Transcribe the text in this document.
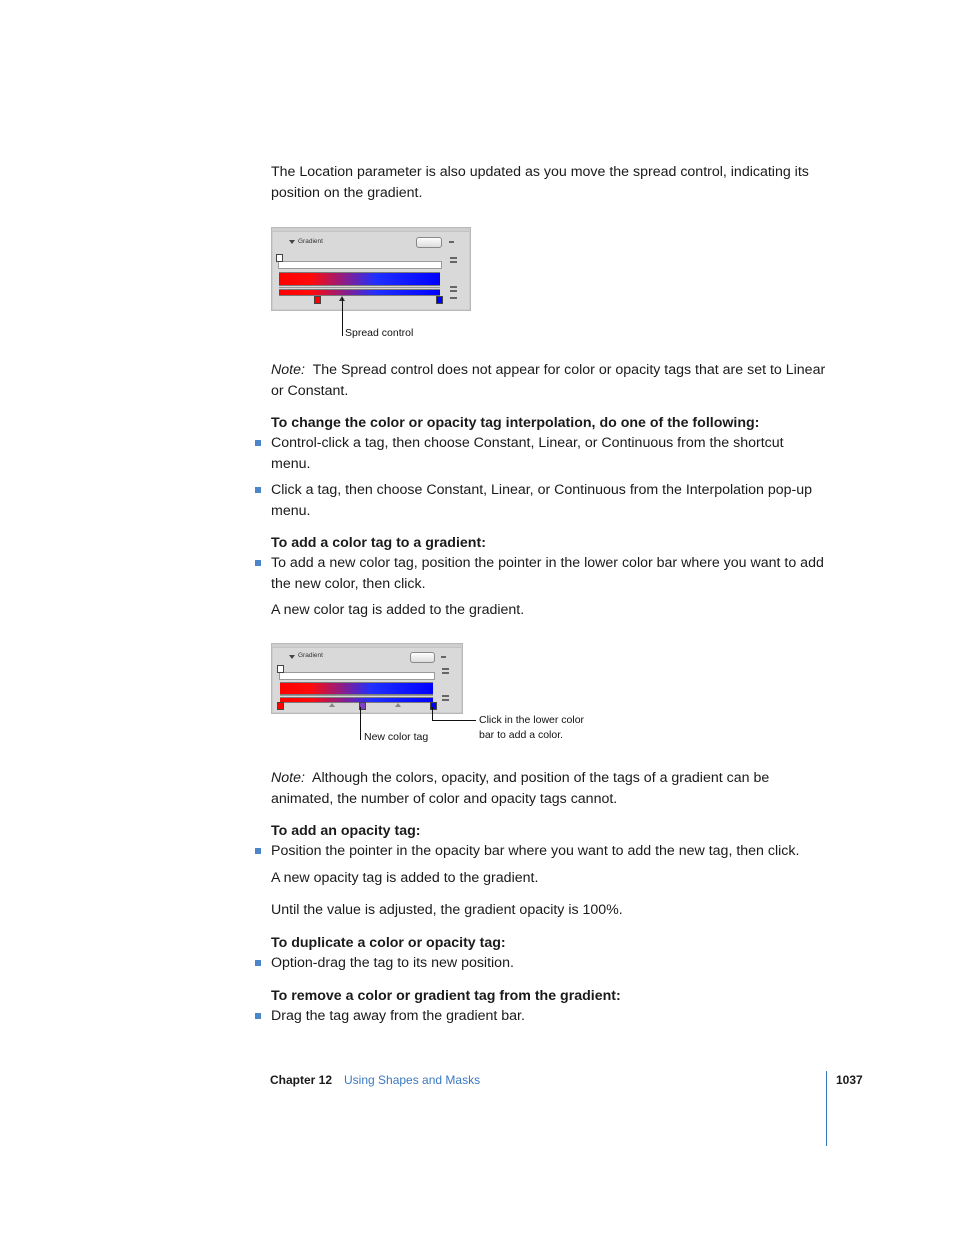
The Location parameter is also updated as you move the spread control, indicating its position on the gradient.
Gradient
Spread control
Note: The Spread control does not appear for color or opacity tags that are set to Linear or Constant.
To change the color or opacity tag interpolation, do one of the following:
Control-click a tag, then choose Constant, Linear, or Continuous from the shortcut menu.
Click a tag, then choose Constant, Linear, or Continuous from the Interpolation pop-up menu.
To add a color tag to a gradient:
To add a new color tag, position the pointer in the lower color bar where you want to add the new color, then click.
A new color tag is added to the gradient.
Gradient
New color tag
Click in the lower color
bar to add a color.
Note: Although the colors, opacity, and position of the tags of a gradient can be animated, the number of color and opacity tags cannot.
To add an opacity tag:
Position the pointer in the opacity bar where you want to add the new tag, then click.
A new opacity tag is added to the gradient.
Until the value is adjusted, the gradient opacity is 100%.
To duplicate a color or opacity tag:
Option-drag the tag to its new position.
To remove a color or gradient tag from the gradient:
Drag the tag away from the gradient bar.
Chapter 12 Using Shapes and Masks	1037
